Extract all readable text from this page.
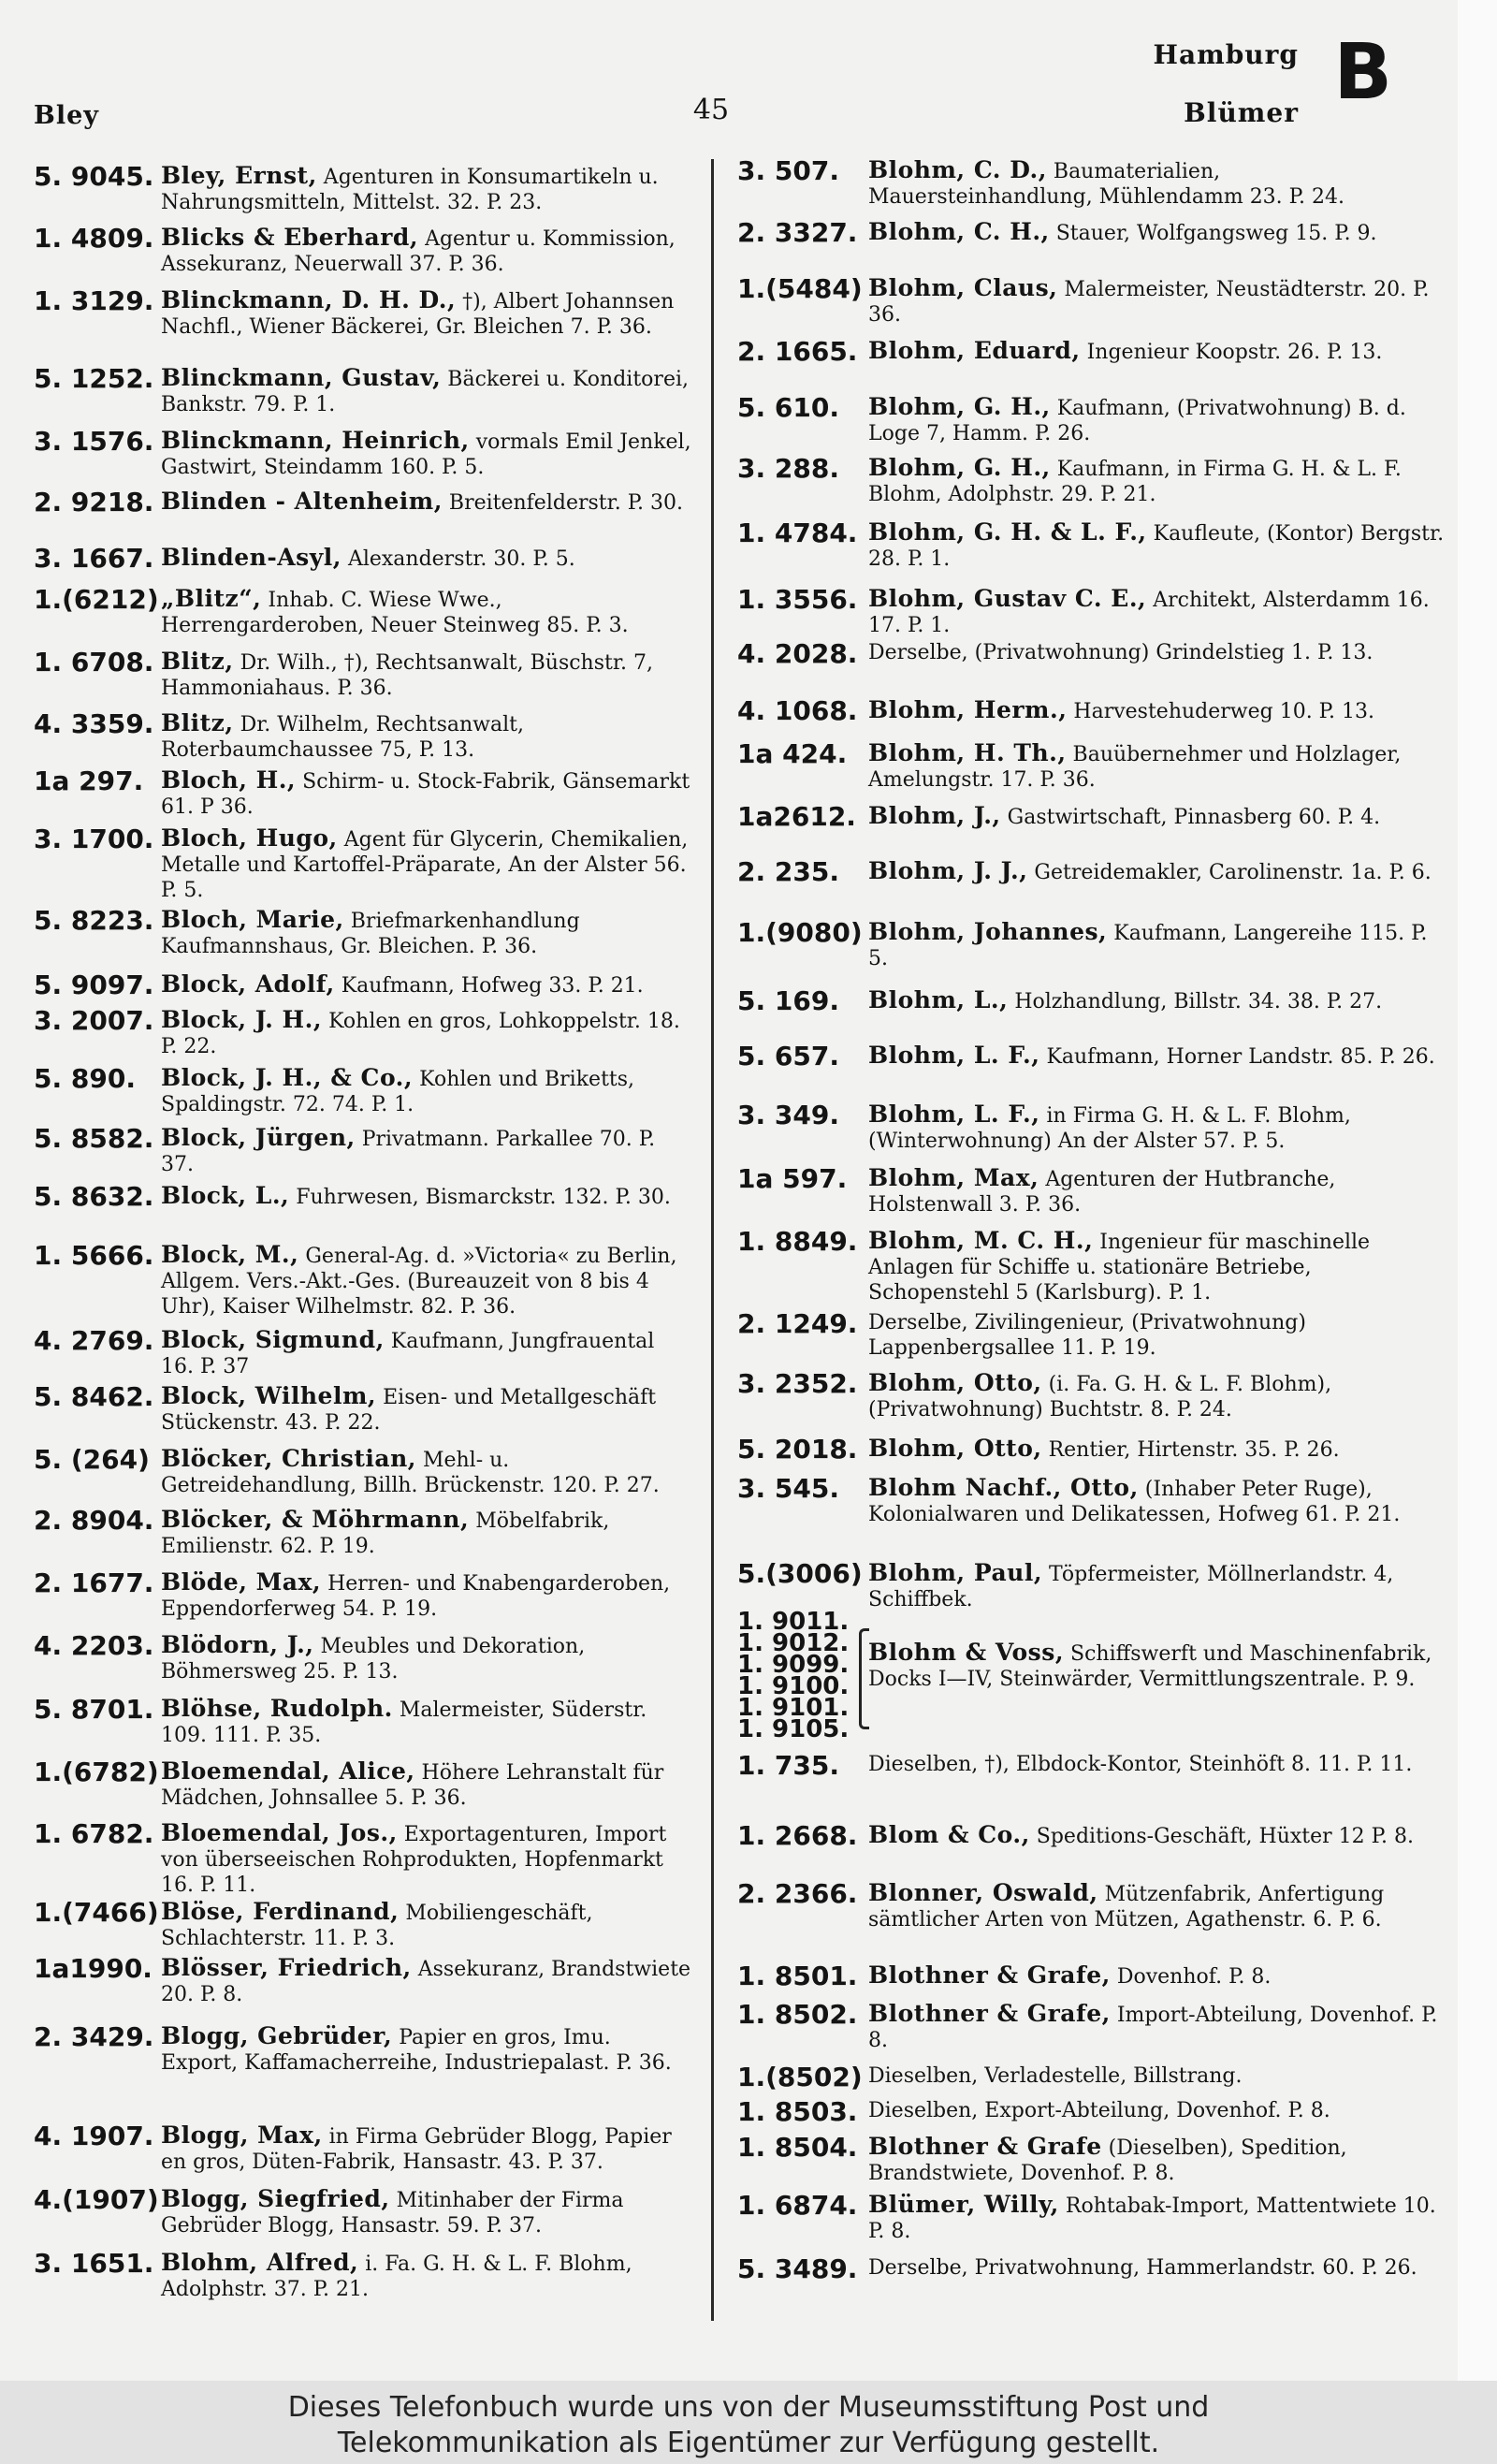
Bley	45
Hamburg
Blümer B
5. 9045. Bley, Ernst, Agenturen in Konsumartikeln u. Nahrungsmitteln, Mittelst. 32. P. 23.
1. 4809. Blicks & Eberhard, Agentur u. Kommission, Assekuranz, Neuerwall 37. P. 36.
1. 3129. Blinckmann, D. H. D., †), Albert Johannsen Nachfl., Wiener Bäckerei, Gr. Bleichen 7. P. 36.
5. 1252. Blinckmann, Gustav, Bäckerei u. Konditorei, Bankstr. 79. P. 1.
3. 1576. Blinckmann, Heinrich, vormals Emil Jenkel, Gastwirt, Steindamm 160. P. 5.
2. 9218. Blinden - Altenheim, Breitenfelderstr. P. 30.
3. 1667. Blinden-Asyl, Alexanderstr. 30. P. 5.
1.(6212) „Blitz“, Inhab. C. Wiese Wwe., Herrengarderoben, Neuer Steinweg 85. P. 3.
1. 6708. Blitz, Dr. Wilh., †), Rechtsanwalt, Büschstr. 7, Hammoniahaus. P. 36.
4. 3359. Blitz, Dr. Wilhelm, Rechtsanwalt, Roterbaumchaussee 75, P. 13.
1a 297. Bloch, H., Schirm- u. Stock-Fabrik, Gänsemarkt 61. P 36.
3. 1700. Bloch, Hugo, Agent für Glycerin, Chemikalien, Metalle und Kartoffel-Präparate, An der Alster 56. P. 5.
5. 8223. Bloch, Marie, Briefmarkenhandlung Kaufmannshaus, Gr. Bleichen. P. 36.
5. 9097. Block, Adolf, Kaufmann, Hofweg 33. P. 21.
3. 2007. Block, J. H., Kohlen en gros, Lohkoppelstr. 18. P. 22.
5. 890.	Block, J. H., & Co., Kohlen und Briketts, Spaldingstr. 72. 74. P. 1.
5. 8582. Block, Jürgen, Privatmann. Parkallee 70. P. 37.
5. 8632. Block, L., Fuhrwesen, Bismarckstr. 132. P. 30.
1. 5666. Block, M., General-Ag. d. »Victoria« zu Berlin, Allgem. Vers.-Akt.-Ges. (Bureauzeit von 8 bis 4 Uhr), Kaiser Wilhelmstr. 82. P. 36.
4. 2769. Block, Sigmund, Kaufmann, Jungfrauental 16. P. 37
5. 8462. Block, Wilhelm, Eisen- und Metallgeschäft Stückenstr. 43. P. 22.
5. (264) Blöcker, Christian, Mehl- u. Getreidehandlung, Billh. Brückenstr. 120. P. 27.
2. 8904. Blöcker, & Möhrmann, Möbelfabrik, Emilienstr. 62. P. 19.
2. 1677. Blöde, Max, Herren- und Knabengarderoben, Eppendorferweg 54. P. 19.
4. 2203. Blödorn, J., Meubles und Dekoration, Böhmersweg 25. P. 13.
5. 8701. Blöhse, Rudolph. Malermeister, Süderstr. 109. 111. P. 35.
1.(6782) Bloemendal, Alice, Höhere Lehranstalt für Mädchen, Johnsallee 5. P. 36.
1. 6782. Bloemendal, Jos., Exportagenturen, Import von überseeischen Rohprodukten, Hopfenmarkt 16. P. 11.
1.(7466) Blöse, Ferdinand, Mobiliengeschäft, Schlachterstr. 11. P. 3.
1a1990. Blösser, Friedrich, Assekuranz, Brandstwiete 20. P. 8.
2. 3429. Blogg, Gebrüder, Papier en gros, Imu. Export, Kaffamacherreihe, Industriepalast. P. 36.
4. 1907. Blogg, Max, in Firma Gebrüder Blogg, Papier en gros, Düten-Fabrik, Hansastr. 43. P. 37.
4.(1907) Blogg, Siegfried, Mitinhaber der Firma Gebrüder Blogg, Hansastr. 59. P. 37.
3. 1651. Blohm, Alfred, i. Fa. G. H. & L. F. Blohm, Adolphstr. 37. P. 21.
3. 507.	Blohm, C. D., Baumaterialien, Mauersteinhandlung, Mühlendamm 23. P. 24.
2. 3327. Blohm, C. H., Stauer, Wolfgangsweg 15. P. 9.
1.(5484) Blohm, Claus, Malermeister, Neustädterstr. 20. P. 36.
2. 1665. Blohm, Eduard, Ingenieur Koopstr. 26. P. 13.
5. 610.	Blohm, G. H., Kaufmann, (Privatwohnung) B. d. Loge 7, Hamm. P. 26.
3. 288.	Blohm, G. H., Kaufmann, in Firma G. H. & L. F. Blohm, Adolphstr. 29. P. 21.
1. 4784. Blohm, G. H. & L. F., Kaufleute, (Kontor) Bergstr. 28. P. 1.
1. 3556. Blohm, Gustav C. E., Architekt, Alsterdamm 16. 17. P. 1.
4. 2028. Derselbe, (Privatwohnung) Grindelstieg 1. P. 13.
4. 1068. Blohm, Herm., Harvestehuderweg 10. P. 13.
1a 424. Blohm, H. Th., Bauübernehmer und Holzlager, Amelungstr. 17. P. 36.
1a2612. Blohm, J., Gastwirtschaft, Pinnasberg 60. P. 4.
2. 235.	Blohm, J. J., Getreidemakler, Carolinenstr. 1a. P. 6.
1.(9080) Blohm, Johannes, Kaufmann, Langereihe 115. P. 5.
5. 169.	Blohm, L., Holzhandlung, Billstr. 34. 38. P. 27.
5. 657.	Blohm, L. F., Kaufmann, Horner Landstr. 85. P. 26.
3. 349.	Blohm, L. F., in Firma G. H. & L. F. Blohm, (Winterwohnung) An der Alster 57. P. 5.
1a 597. Blohm, Max, Agenturen der Hutbranche, Holstenwall 3. P. 36.
1. 8849. Blohm, M. C. H., Ingenieur für maschinelle Anlagen für Schiffe u. stationäre Betriebe, Schopenstehl 5 (Karlsburg). P. 1.
2. 1249. Derselbe, Zivilingenieur, (Privatwohnung) Lappenbergsallee 11. P. 19.
3. 2352. Blohm, Otto, (i. Fa. G. H. & L. F. Blohm), (Privatwohnung) Buchtstr. 8. P. 24.
5. 2018. Blohm, Otto, Rentier, Hirtenstr. 35. P. 26.
3. 545.	Blohm Nachf., Otto, (Inhaber Peter Ruge), Kolonialwaren und Delikatessen, Hofweg 61. P. 21.
5.(3006) Blohm, Paul, Töpfermeister, Möllnerlandstr. 4, Schiffbek.
1. 9011.
1. 9012.
1. 9099.
1. 9100.
1. 9101.
1. 9105.
Blohm & Voss, Schiffswerft und Maschinenfabrik, Docks I—IV, Steinwärder, Vermittlungszentrale. P. 9.
1. 735.	Dieselben, †), Elbdock-Kontor, Steinhöft 8. 11. P. 11.
1. 2668. Blom & Co., Speditions-Geschäft, Hüxter 12 P. 8.
2. 2366. Blonner, Oswald, Mützenfabrik, Anfertigung sämtlicher Arten von Mützen, Agathenstr. 6. P. 6.
1. 8501. Blothner & Grafe, Dovenhof. P. 8.
1. 8502. Blothner & Grafe, Import-Abteilung, Dovenhof. P. 8.
1.(8502) Dieselben, Verladestelle, Billstrang.
1. 8503. Dieselben, Export-Abteilung, Dovenhof. P. 8.
1. 8504. Blothner & Grafe (Dieselben), Spedition, Brandstwiete, Dovenhof. P. 8.
1. 6874. Blümer, Willy, Rohtabak-Import, Mattentwiete 10. P. 8.
5. 3489. Derselbe, Privatwohnung, Hammerlandstr. 60. P. 26.
Dieses Telefonbuch wurde uns von der Museumsstiftung Post und
Telekommunikation als Eigentümer zur Verfügung gestellt.
